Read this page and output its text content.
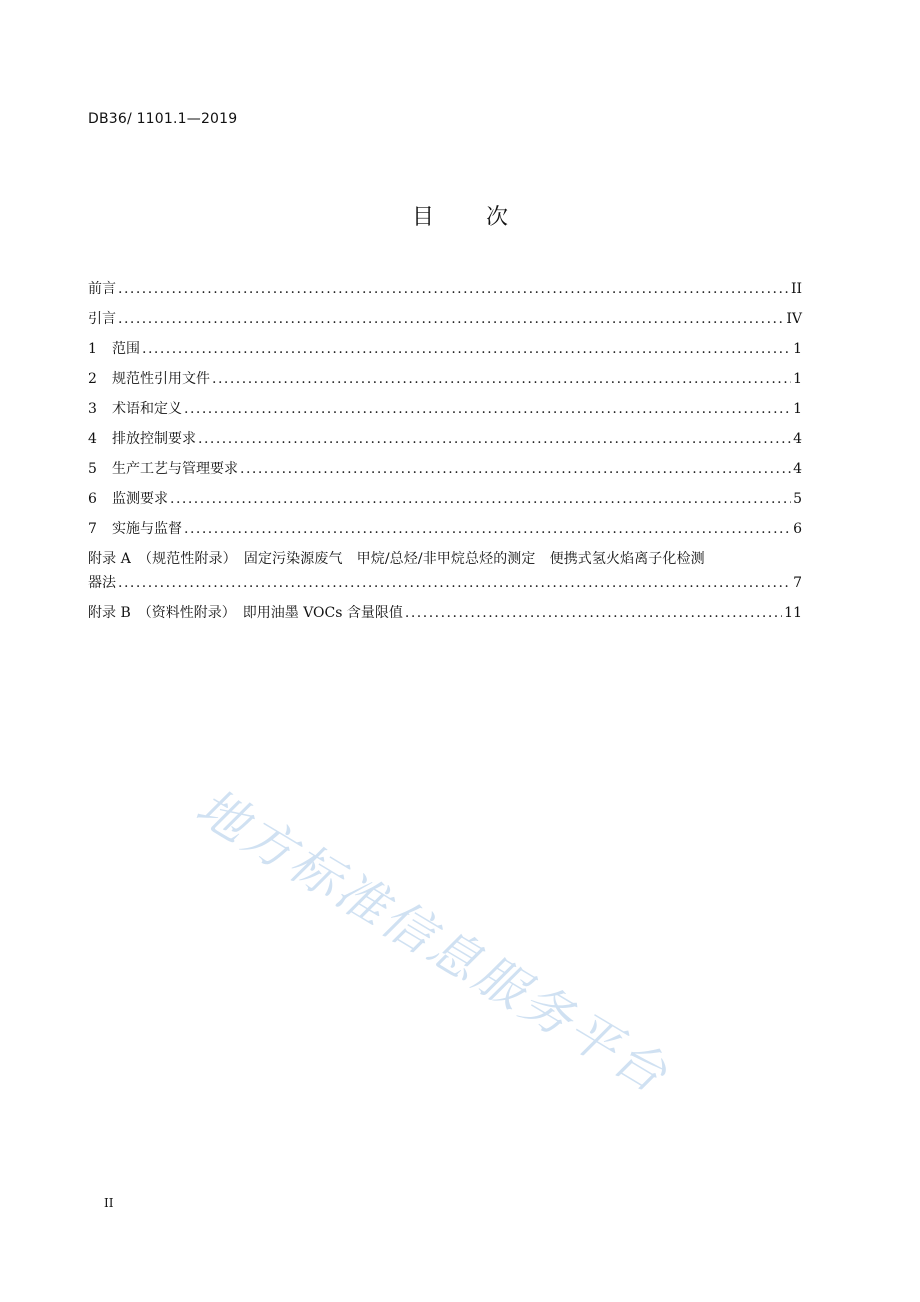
DB36/ 1101.1—2019
目 次
前言 .....	II
引言 .....	IV
1	范围 .....	1
2	规范性引用文件 .....	1
3	术语和定义 .....	1
4	排放控制要求 .....	4
5	生产工艺与管理要求 .....	4
6	监测要求 .....	5
7	实施与监督 .....	6
附录 A　（规范性附录）　固定污染源废气　甲烷/总烃/非甲烷总烃的测定　便携式氢火焰离子化检测
器法 .....	7
附录 B　（资料性附录）　即用油墨 VOCs 含量限值 .....	11
地方标准信息服务平台
II
